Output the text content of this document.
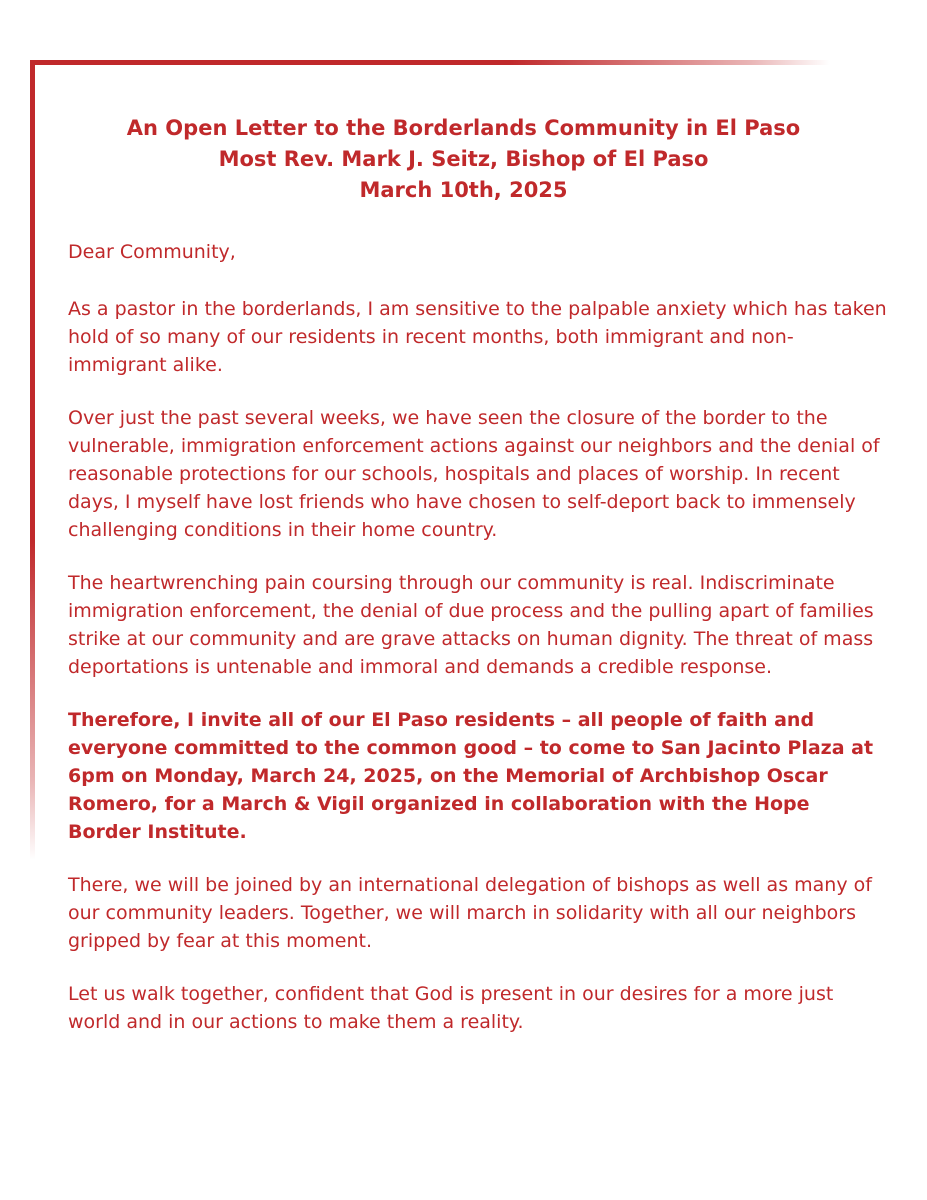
An Open Letter to the Borderlands Community in El Paso
Most Rev. Mark J. Seitz, Bishop of El Paso
March 10th, 2025

Dear Community,

As a pastor in the borderlands, I am sensitive to the palpable anxiety which has taken hold of so many of our residents in recent months, both immigrant and non-immigrant alike.

Over just the past several weeks, we have seen the closure of the border to the vulnerable, immigration enforcement actions against our neighbors and the denial of reasonable protections for our schools, hospitals and places of worship. In recent days, I myself have lost friends who have chosen to self-deport back to immensely challenging conditions in their home country.

The heartwrenching pain coursing through our community is real. Indiscriminate immigration enforcement, the denial of due process and the pulling apart of families strike at our community and are grave attacks on human dignity. The threat of mass deportations is untenable and immoral and demands a credible response.

Therefore, I invite all of our El Paso residents – all people of faith and everyone committed to the common good – to come to San Jacinto Plaza at 6pm on Monday, March 24, 2025, on the Memorial of Archbishop Oscar Romero, for a March & Vigil organized in collaboration with the Hope Border Institute.

There, we will be joined by an international delegation of bishops as well as many of our community leaders. Together, we will march in solidarity with all our neighbors gripped by fear at this moment.

Let us walk together, confident that God is present in our desires for a more just world and in our actions to make them a reality.
